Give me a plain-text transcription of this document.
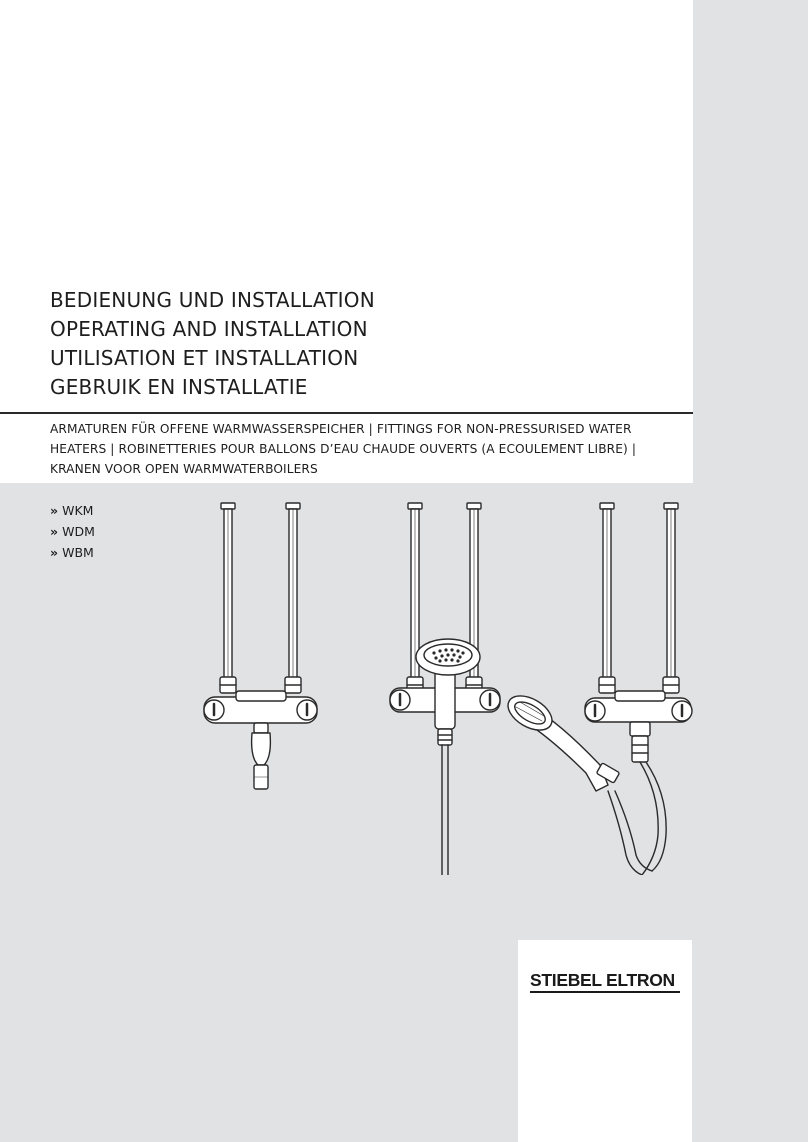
BEDIENUNG UND INSTALLATION
OPERATING AND INSTALLATION
UTILISATION ET INSTALLATION
GEBRUIK EN INSTALLATIE
ARMATUREN FÜR OFFENE WARMWASSERSPEICHER | FITTINGS FOR NON-PRESSURISED WATER
HEATERS | ROBINETTERIES POUR BALLONS D’EAU CHAUDE OUVERTS (A ECOULEMENT LIBRE) |
KRANEN VOOR OPEN WARMWATERBOILERS
» WKM
» WDM
» WBM
STIEBEL ELTRON
